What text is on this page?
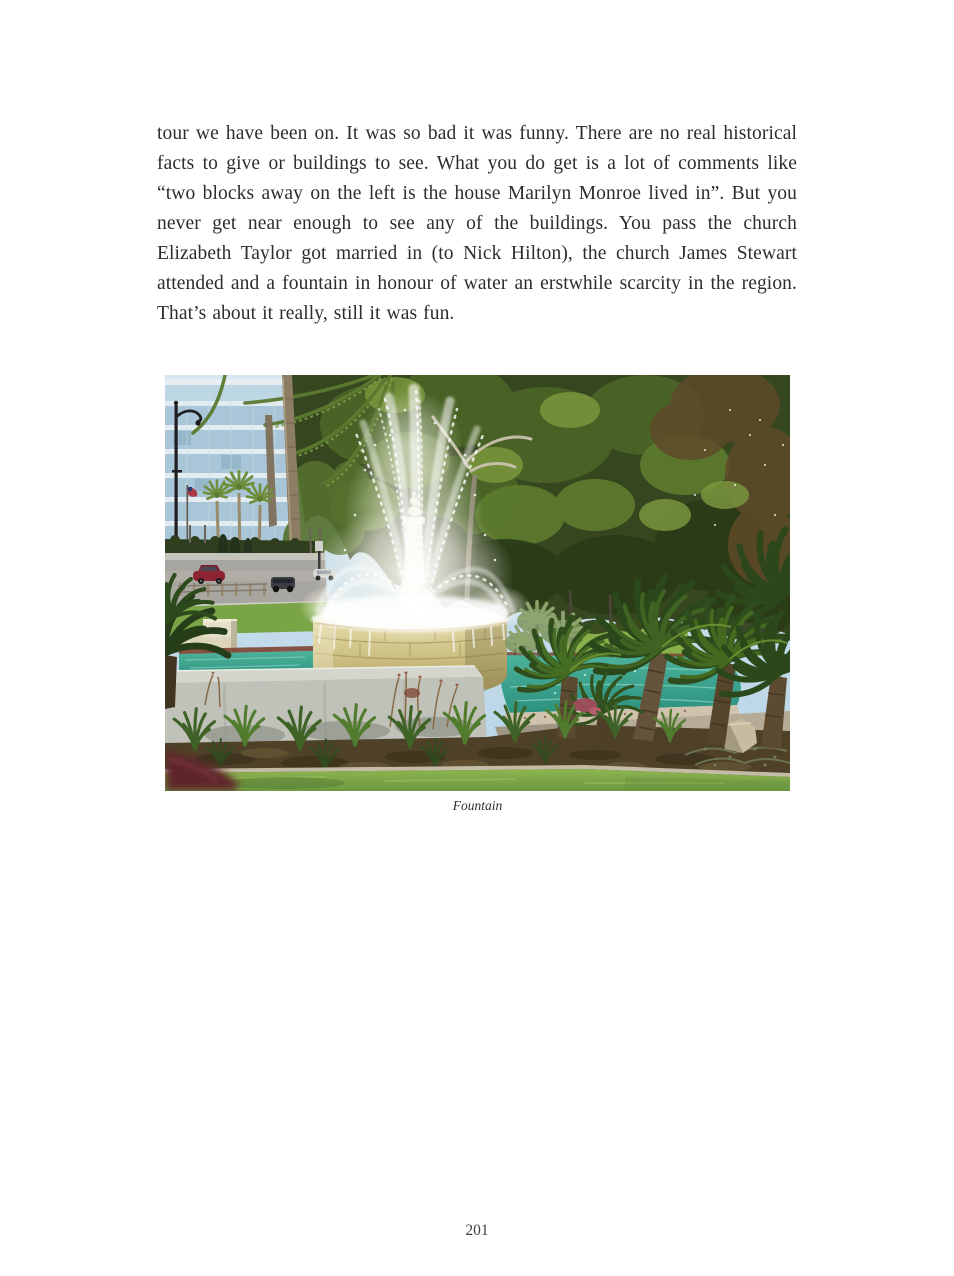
tour we have been on. It was so bad it was funny. There are no real historical facts to give or buildings to see. What you do get is a lot of comments like “two blocks away on the left is the house Marilyn Monroe lived in”. But you never get near enough to see any of the buildings. You pass the church Elizabeth Taylor got married in (to Nick Hilton), the church James Stewart attended and a fountain in honour of water an erstwhile scarcity in the region. That’s about it really, still it was fun.

Fountain
201
